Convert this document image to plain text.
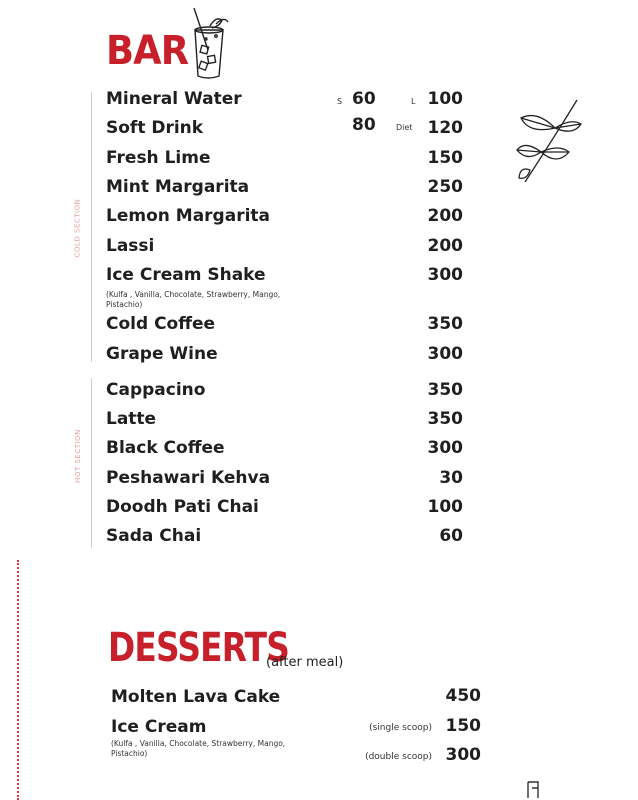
BAR
COLD SECTION
HOT SECTION
Mineral Water	S 60	L 100
Soft Drink	80	Diet 120
Fresh Lime	150
Mint Margarita	250
Lemon Margarita	200
Lassi	200
Ice Cream Shake	300
(Kulfa , Vanilla, Chocolate, Strawberry, Mango, Pistachio)
Cold Coffee	350
Grape Wine	300
Cappacino	350
Latte	350
Black Coffee	300
Peshawari Kehva	30
Doodh Pati Chai	100
Sada Chai	60
DESSERTS
(after meal)
Molten Lava Cake	450
Ice Cream	(single scoop) 150
(Kulfa , Vanilla, Chocolate, Strawberry, Mango, Pistachio)	(double scoop) 300
